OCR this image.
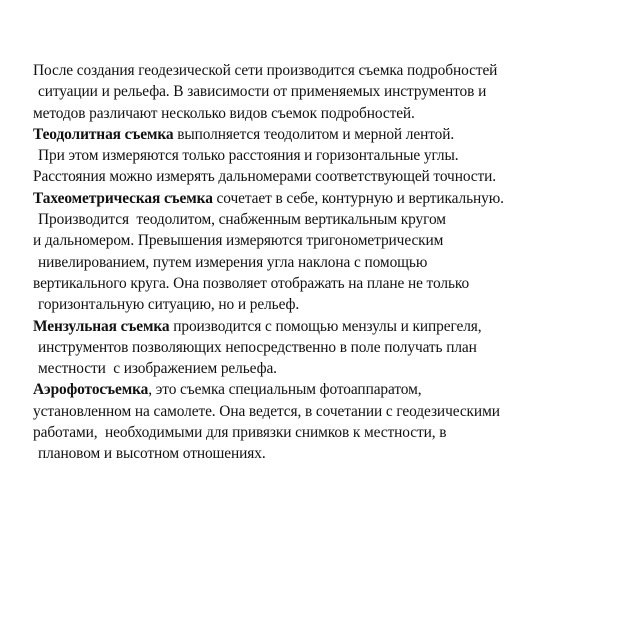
После создания геодезической сети производится съемка подробностей
ситуации и рельефа. В зависимости от применяемых инструментов и
методов различают несколько видов съемок подробностей.
Теодолитная съемка выполняется теодолитом и мерной лентой.
При этом измеряются только расстояния и горизонтальные углы.
Расстояния можно измерять дальномерами соответствующей точности.
Тахеометрическая съемка сочетает в себе, контурную и вертикальную.
Производится  теодолитом, снабженным вертикальным кругом
и дальномером. Превышения измеряются тригонометрическим
нивелированием, путем измерения угла наклона с помощью
вертикального круга. Она позволяет отображать на плане не только
горизонтальную ситуацию, но и рельеф.
Мензульная съемка производится с помощью мензулы и кипрегеля,
инструментов позволяющих непосредственно в поле получать план
местности  с изображением рельефа.
Аэрофотосъемка, это съемка специальным фотоаппаратом,
установленном на самолете. Она ведется, в сочетании с геодезическими
работами,  необходимыми для привязки снимков к местности, в
плановом и высотном отношениях.
